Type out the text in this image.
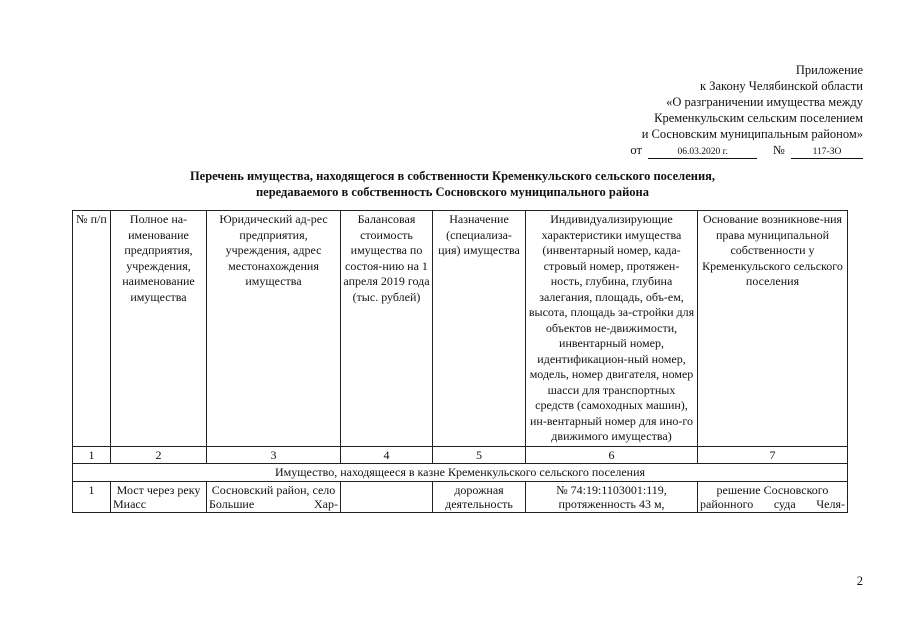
Приложение
к Закону Челябинской области
«О разграничении имущества между
Кременкульским сельским поселением
и Сосновским муниципальным районом»
от	06.03.2020 г.	№	117-ЗО
Перечень имущества, находящегося в собственности Кременкульского сельского поселения,
передаваемого в собственность Сосновского муниципального района
№ п/п	Полное на-именование предприятия, учреждения, наименование имущества	Юридический ад-рес предприятия, учреждения, адрес местонахождения имущества	Балансовая стоимость имущества по состоя-нию на 1 апреля 2019 года (тыс. рублей)	Назначение (специализа-ция) имущества	Индивидуализирующие характеристики имущества (инвентарный номер, када-стровый номер, протяжен-ность, глубина, глубина залегания, площадь, объ-ем, высота, площадь за-стройки для объектов не-движимости, инвентарный номер, идентификацион-ный номер, модель, номер двигателя, номер шасси для транспортных средств (самоходных машин), ин-вентарный номер для ино-го движимого имущества)	Основание возникнове-ния права муниципальной собственности у Кременкульского сельского поселения
1	2	3	4	5	6	7
Имущество, находящееся в казне Кременкульского сельского поселения						
1	Мост через реку Миасс	Сосновский район, село Большие Хар-		дорожная деятельность	№ 74:19:1103001:119, протяженность 43 м,	решение Сосновского районного суда Челя-
2
